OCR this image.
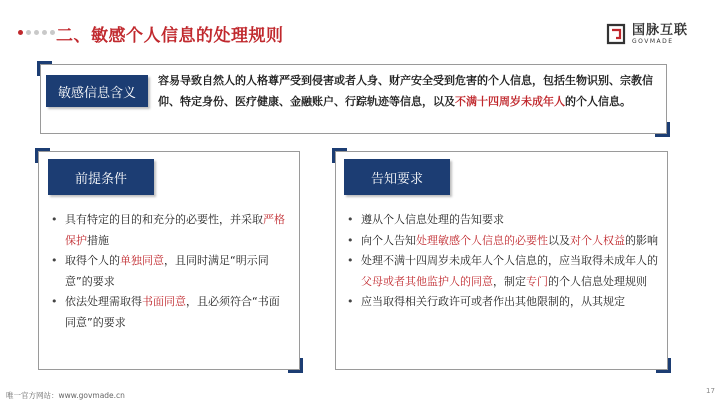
二、敏感个人信息的处理规则	国脉互联
GOVMADE
敏感信息含义

容易导致自然人的人格尊严受到侵害或者人身、财产安全受到危害的个人信息，包括生物识别、宗教信仰、特定身份、医疗健康、金融账户、行踪轨迹等信息，以及不满十四周岁未成年人的个人信息。

前提条件
• 具有特定的目的和充分的必要性，并采取严格保护措施
• 取得个人的单独同意，且同时满足“明示同意”的要求
• 依法处理需取得书面同意，且必须符合“书面同意”的要求
告知要求
• 遵从个人信息处理的告知要求
• 向个人告知处理敏感个人信息的必要性以及对个人权益的影响
• 处理不满十四周岁未成年人个人信息的，应当取得未成年人的父母或者其他监护人的同意，制定专门的个人信息处理规则
• 应当取得相关行政许可或者作出其他限制的，从其规定
唯一官方网站：www.govmade.cn	17
